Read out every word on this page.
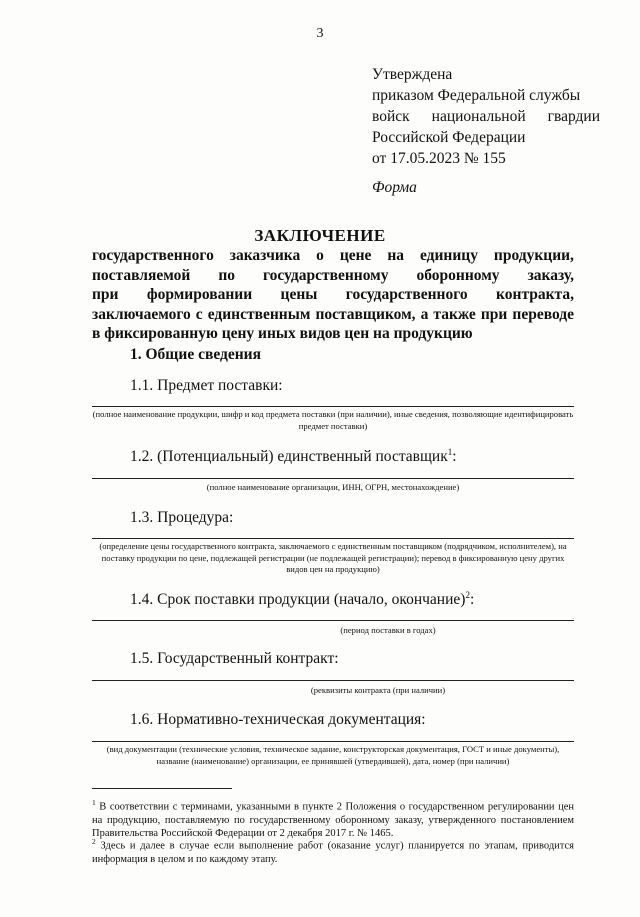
3
Утверждена
приказом Федеральной службы
войск национальной гвардии
Российской Федерации
от 17.05.2023 № 155
Форма
ЗАКЛЮЧЕНИЕ
государственного заказчика о цене на единицу продукции,
поставляемой по государственному оборонному заказу,
при формировании цены государственного контракта,
заключаемого с единственным поставщиком, а также при переводе
в фиксированную цену иных видов цен на продукцию
1. Общие сведения
1.1. Предмет поставки:
(полное наименование продукции, шифр и код предмета поставки (при наличии), иные сведения, позволяющие идентифицировать предмет поставки)
1.2. (Потенциальный) единственный поставщик$^1$:
(полное наименование организации, ИНН, ОГРН, местонахождение)
1.3. Процедура:
(определение цены государственного контракта, заключаемого с единственным поставщиком (подрядчиком, исполнителем), на поставку продукции по цене, подлежащей регистрации (не подлежащей регистрации); перевод в фиксированную цену других видов цен на продукцию)
1.4. Срок поставки продукции (начало, окончание)$^2$:
(период поставки в годах)
1.5. Государственный контракт:
(реквизиты контракта (при наличии)
1.6. Нормативно-техническая документация:
(вид документации (технические условия, техническое задание, конструкторская документация, ГОСТ и иные документы), название (наименование) организации, ее принявшей (утвердившей), дата, номер (при наличии)
$^1$ В соответствии с терминами, указанными в пункте 2 Положения о государственном регулировании цен на продукцию, поставляемую по государственному оборонному заказу, утвержденного постановлением Правительства Российской Федерации от 2 декабря 2017 г. № 1465.
$^2$ Здесь и далее в случае если выполнение работ (оказание услуг) планируется по этапам, приводится информация в целом и по каждому этапу.
